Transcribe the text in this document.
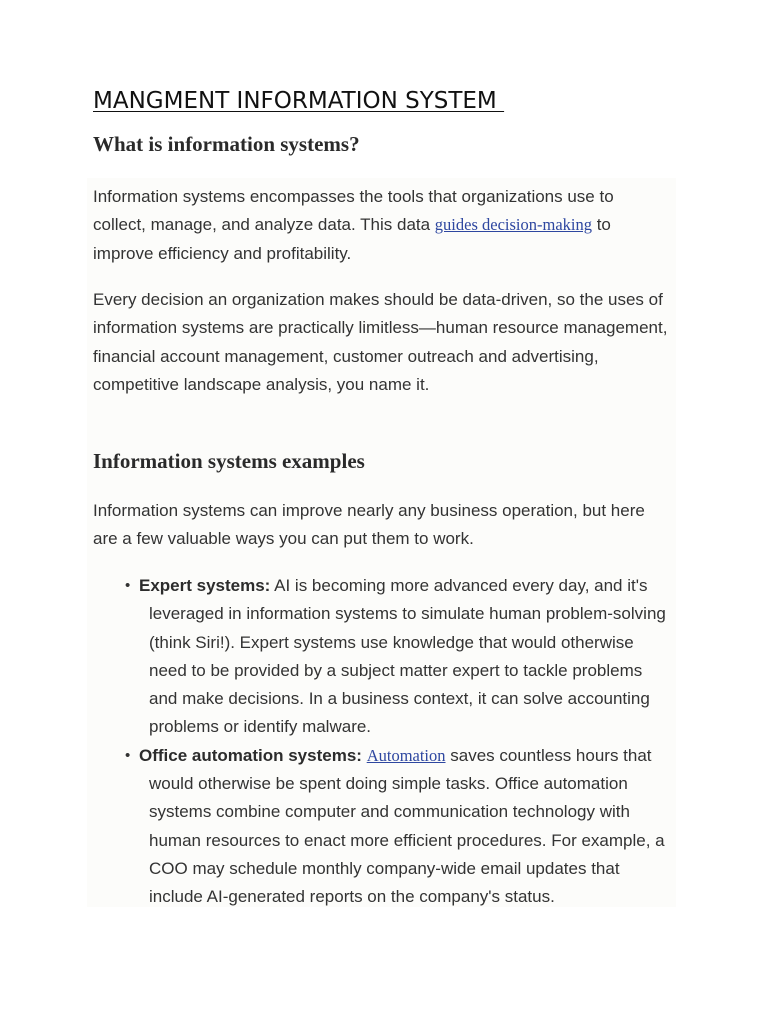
MANGMENT INFORMATION SYSTEM
What is information systems?

Information systems encompasses the tools that organizations use to collect, manage, and analyze data. This data guides decision-making to improve efficiency and profitability.

Every decision an organization makes should be data-driven, so the uses of information systems are practically limitless—human resource management, financial account management, customer outreach and advertising, competitive landscape analysis, you name it.

Information systems examples

Information systems can improve nearly any business operation, but here are a few valuable ways you can put them to work.

• Expert systems: AI is becoming more advanced every day, and it's leveraged in information systems to simulate human problem-solving (think Siri!). Expert systems use knowledge that would otherwise need to be provided by a subject matter expert to tackle problems and make decisions. In a business context, it can solve accounting problems or identify malware.
• Office automation systems: Automation saves countless hours that would otherwise be spent doing simple tasks. Office automation systems combine computer and communication technology with human resources to enact more efficient procedures. For example, a COO may schedule monthly company-wide email updates that include AI-generated reports on the company's status.
